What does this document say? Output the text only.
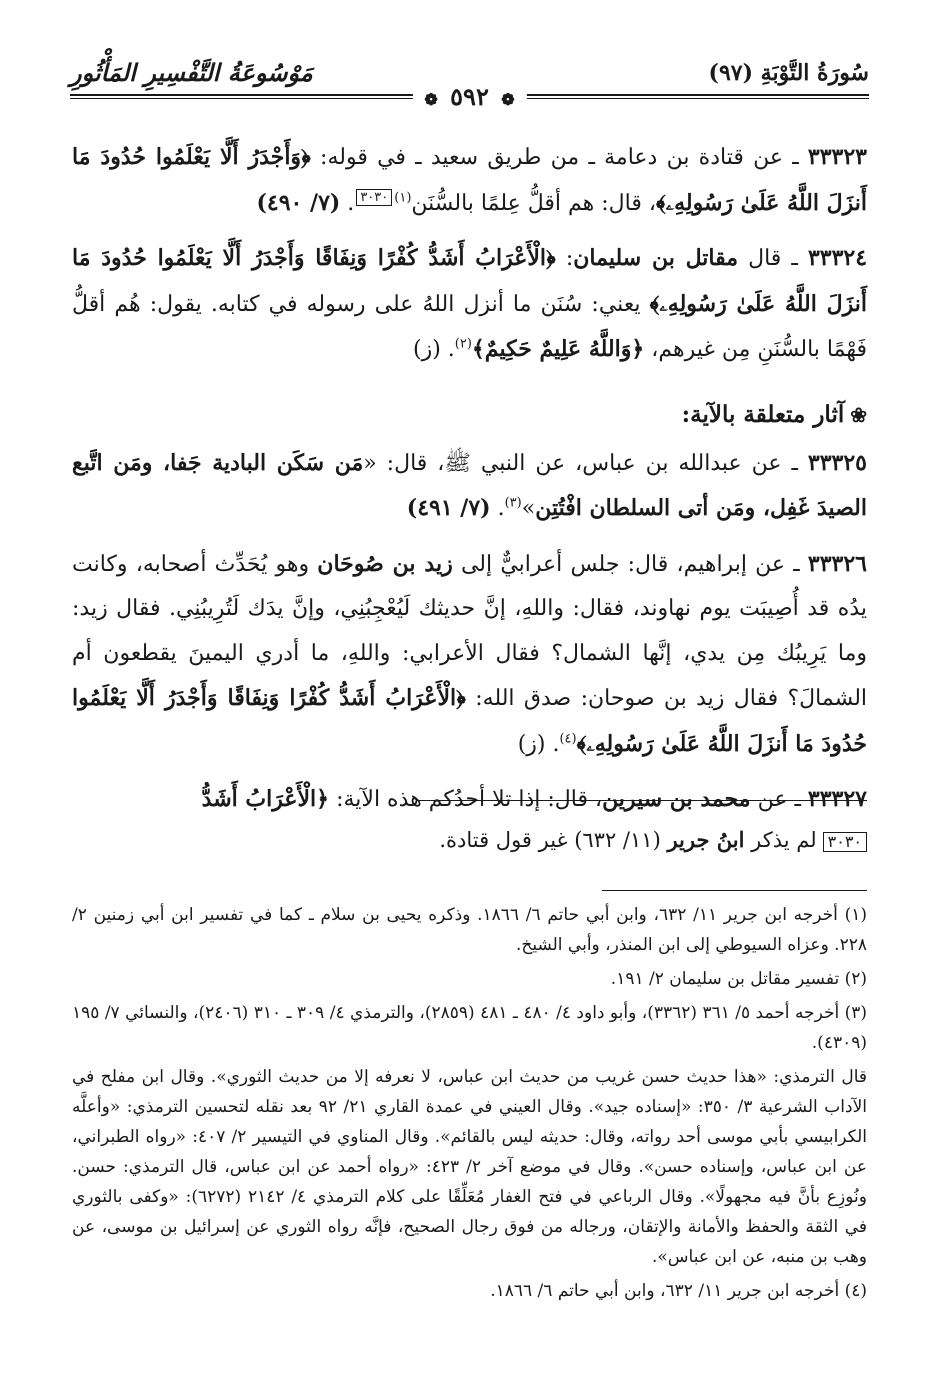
مَوْسُوعَةُ التَّفْسِيرِ المَأْثُورِ	سُورَةُ التَّوْبَةِ (٩٧)
❁ ٥٩٢ ❁

٣٣٣٢٣ ـ عن قتادة بن دعامة ـ من طريق سعيد ـ في قوله: ﴿وَأَجْدَرُ أَلَّا يَعْلَمُوا حُدُودَ مَا أَنزَلَ اللَّهُ عَلَىٰ رَسُولِهِۦ﴾، قال: هم أقلُّ عِلمًا بالسُّنَن$^{(١)}$٣٠٣٠. (٧/ ٤٩٠)

٣٣٣٢٤ ـ قال مقاتل بن سليمان: ﴿الْأَعْرَابُ أَشَدُّ كُفْرًا وَنِفَاقًا وَأَجْدَرُ أَلَّا يَعْلَمُوا حُدُودَ مَا أَنزَلَ اللَّهُ عَلَىٰ رَسُولِهِۦ﴾ يعني: سُنَن ما أنزل اللهُ على رسوله في كتابه. يقول: هُم أقلُّ فَهْمًا بالسُّنَنِ مِن غيرهم، ﴿وَاللَّهُ عَلِيمٌ حَكِيمٌ﴾$^{(٢)}$. (ز)

❀آثار متعلقة بالآية:

٣٣٣٢٥ ـ عن عبدالله بن عباس، عن النبي ﷺ، قال: «مَن سَكَن البادية جَفا، ومَن اتَّبع الصيدَ غَفِل، ومَن أتى السلطان افْتُتِن»$^{(٣)}$. (٧/ ٤٩١)

٣٣٣٢٦ ـ عن إبراهيم، قال: جلس أعرابيٌّ إلى زيد بن صُوحَان وهو يُحَدِّث أصحابه، وكانت يدُه قد أُصِيبَت يوم نهاوند، فقال: واللهِ، إنَّ حديثك لَيُعْجِبُنِي، وإنَّ يدَك لَتُرِيبُنِي. فقال زيد: وما يَرِيبُك مِن يدي، إنَّها الشمال؟ فقال الأعرابي: واللهِ، ما أدري اليمينَ يقطعون أم الشمالَ؟ فقال زيد بن صوحان: صدق الله: ﴿الْأَعْرَابُ أَشَدُّ كُفْرًا وَنِفَاقًا وَأَجْدَرُ أَلَّا يَعْلَمُوا حُدُودَ مَا أَنزَلَ اللَّهُ عَلَىٰ رَسُولِهِۦ﴾$^{(٤)}$. (ز)

٣٣٣٢٧ ـ عن محمد بن سيرين، قال: إذا تلا أحدُكم هذه الآية: ﴿الْأَعْرَابُ أَشَدُّ

٣٠٣٠لم يذكر ابنُ جرير (١١/ ٦٣٢) غير قول قتادة.

(١) أخرجه ابن جرير ١١/ ٦٣٢، وابن أبي حاتم ٦/ ١٨٦٦. وذكره يحيى بن سلام ـ كما في تفسير ابن أبي زمنين ٢/ ٢٢٨. وعزاه السيوطي إلى ابن المنذر، وأبي الشيخ.

(٢) تفسير مقاتل بن سليمان ٢/ ١٩١.

(٣) أخرجه أحمد ٥/ ٣٦١ (٣٣٦٢)، وأبو داود ٤/ ٤٨٠ ـ ٤٨١ (٢٨٥٩)، والترمذي ٤/ ٣٠٩ ـ ٣١٠ (٢٤٠٦)، والنسائي ٧/ ١٩٥ (٤٣٠٩).

قال الترمذي: «هذا حديث حسن غريب من حديث ابن عباس، لا نعرفه إلا من حديث الثوري». وقال ابن مفلح في الآداب الشرعية ٣/ ٣٥٠: «إسناده جيد». وقال العيني في عمدة القاري ٢١/ ٩٢ بعد نقله لتحسين الترمذي: «وأعلَّه الكرابيسي بأبي موسى أحد رواته، وقال: حديثه ليس بالقائم». وقال المناوي في التيسير ٢/ ٤٠٧: «رواه الطبراني، عن ابن عباس، وإسناده حسن». وقال في موضع آخر ٢/ ٤٢٣: «رواه أحمد عن ابن عباس، قال الترمذي: حسن. ونُوزِع بأنَّ فيه مجهولًا». وقال الرباعي في فتح الغفار مُعَلِّقًا على كلام الترمذي ٤/ ٢١٤٢ (٦٢٧٢): «وكفى بالثوري في الثقة والحفظ والأمانة والإتقان، ورجاله من فوق رجال الصحيح، فإنَّه رواه الثوري عن إسرائيل بن موسى، عن وهب بن منبه، عن ابن عباس».

(٤) أخرجه ابن جرير ١١/ ٦٣٢، وابن أبي حاتم ٦/ ١٨٦٦.
